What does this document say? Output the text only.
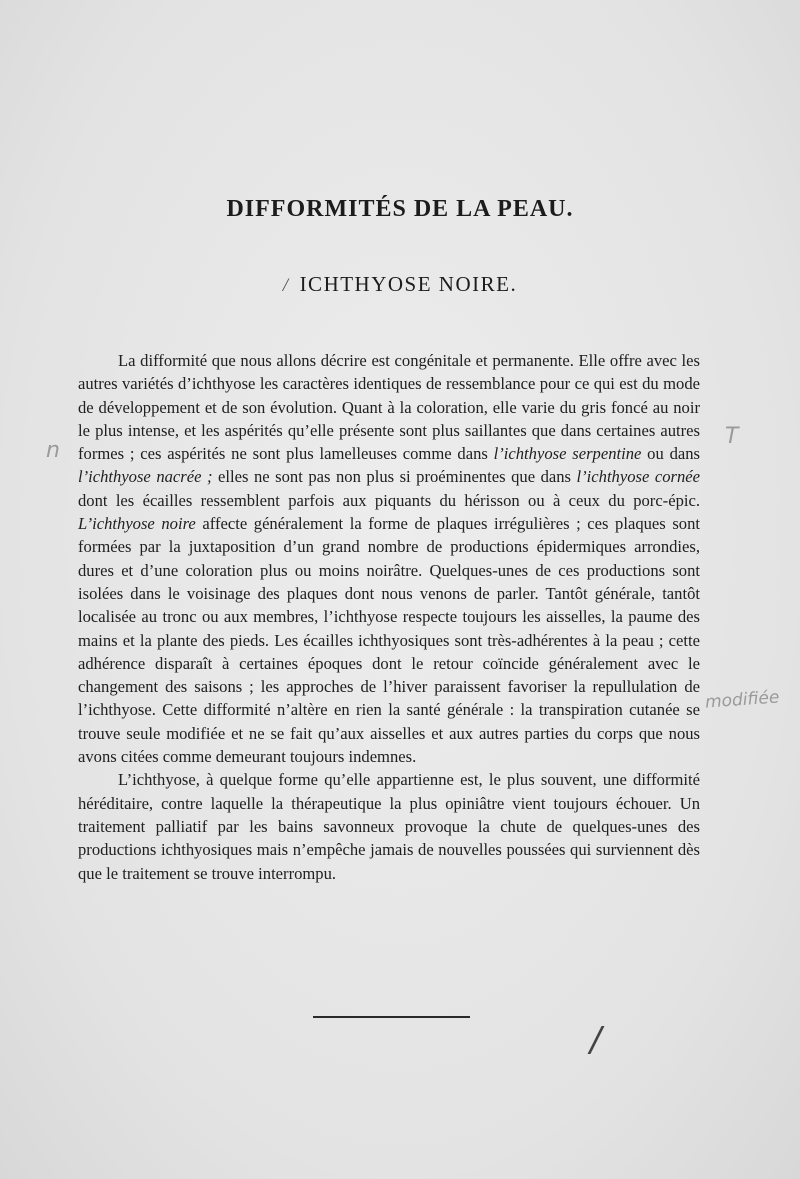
DIFFORMITÉS DE LA PEAU.
/ ICHTHYOSE NOIRE.

La difformité que nous allons décrire est congénitale et permanente. Elle offre avec les autres variétés d’ichthyose les caractères identiques de ressemblance pour ce qui est du mode de développement et de son évolution. Quant à la coloration, elle varie du gris foncé au noir le plus intense, et les aspérités qu’elle présente sont plus saillantes que dans certaines autres formes ; ces aspérités ne sont plus lamelleuses comme dans l’ichthyose serpentine ou dans l’ichthyose nacrée ; elles ne sont pas non plus si proéminentes que dans l’ichthyose cornée dont les écailles ressemblent parfois aux piquants du hérisson ou à ceux du porc-épic. L’ichthyose noire affecte généralement la forme de plaques irrégulières ; ces plaques sont formées par la juxtaposition d’un grand nombre de productions épidermiques arrondies, dures et d’une coloration plus ou moins noirâtre. Quelques-unes de ces productions sont isolées dans le voisinage des plaques dont nous venons de parler. Tantôt générale, tantôt localisée au tronc ou aux membres, l’ichthyose respecte toujours les aisselles, la paume des mains et la plante des pieds. Les écailles ichthyosiques sont très-adhérentes à la peau ; cette adhérence disparaît à certaines époques dont le retour coïncide généralement avec le changement des saisons ; les approches de l’hiver paraissent favoriser la repullulation de l’ichthyose. Cette difformité n’altère en rien la santé générale : la transpiration cutanée se trouve seule modifiée et ne se fait qu’aux aisselles et aux autres parties du corps que nous avons citées comme demeurant toujours indemnes.

L’ichthyose, à quelque forme qu’elle appartienne est, le plus souvent, une difformité héréditaire, contre laquelle la thérapeutique la plus opiniâtre vient toujours échouer. Un traitement palliatif par les bains savonneux provoque la chute de quelques-unes des productions ichthyosiques mais n’empêche jamais de nouvelles poussées qui surviennent dès que le traitement se trouve interrompu.

n
T
modifiée
/
